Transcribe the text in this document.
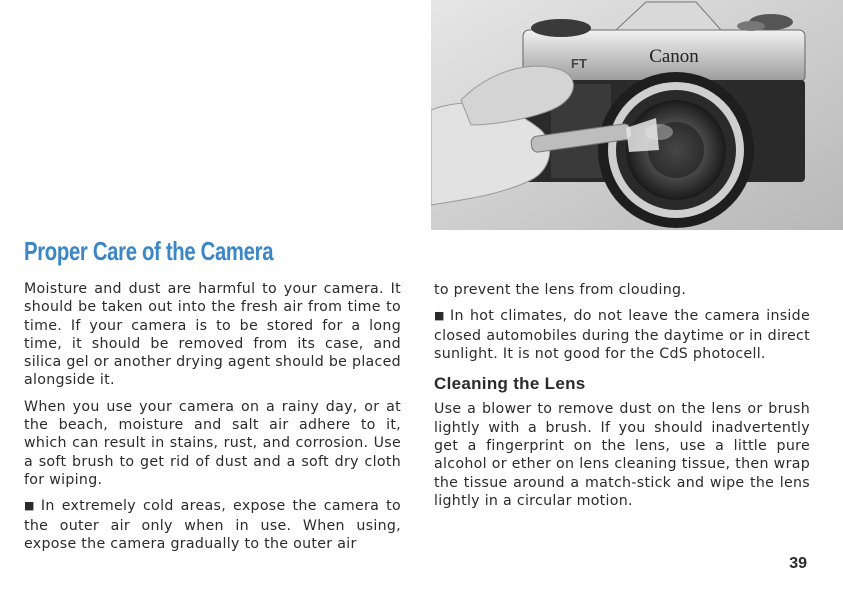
FT	Canon
Proper Care of the Camera

Moisture and dust are harmful to your camera. It should be taken out into the fresh air from time to time. If your camera is to be stored for a long time, it should be removed from its case, and silica gel or another drying agent should be placed alongside it.

When you use your camera on a rainy day, or at the beach, moisture and salt air adhere to it, which can result in stains, rust, and corrosion. Use a soft brush to get rid of dust and a soft dry cloth for wiping.

■ In extremely cold areas, expose the camera to the outer air only when in use. When using, expose the camera gradually to the outer air

to prevent the lens from clouding.

■ In hot climates, do not leave the camera inside closed automobiles during the daytime or in direct sunlight. It is not good for the CdS photocell.

Cleaning the Lens

Use a blower to remove dust on the lens or brush lightly with a brush. If you should inadvertently get a fingerprint on the lens, use a little pure alcohol or ether on lens cleaning tissue, then wrap the tissue around a match-stick and wipe the lens lightly in a circular motion.

39
